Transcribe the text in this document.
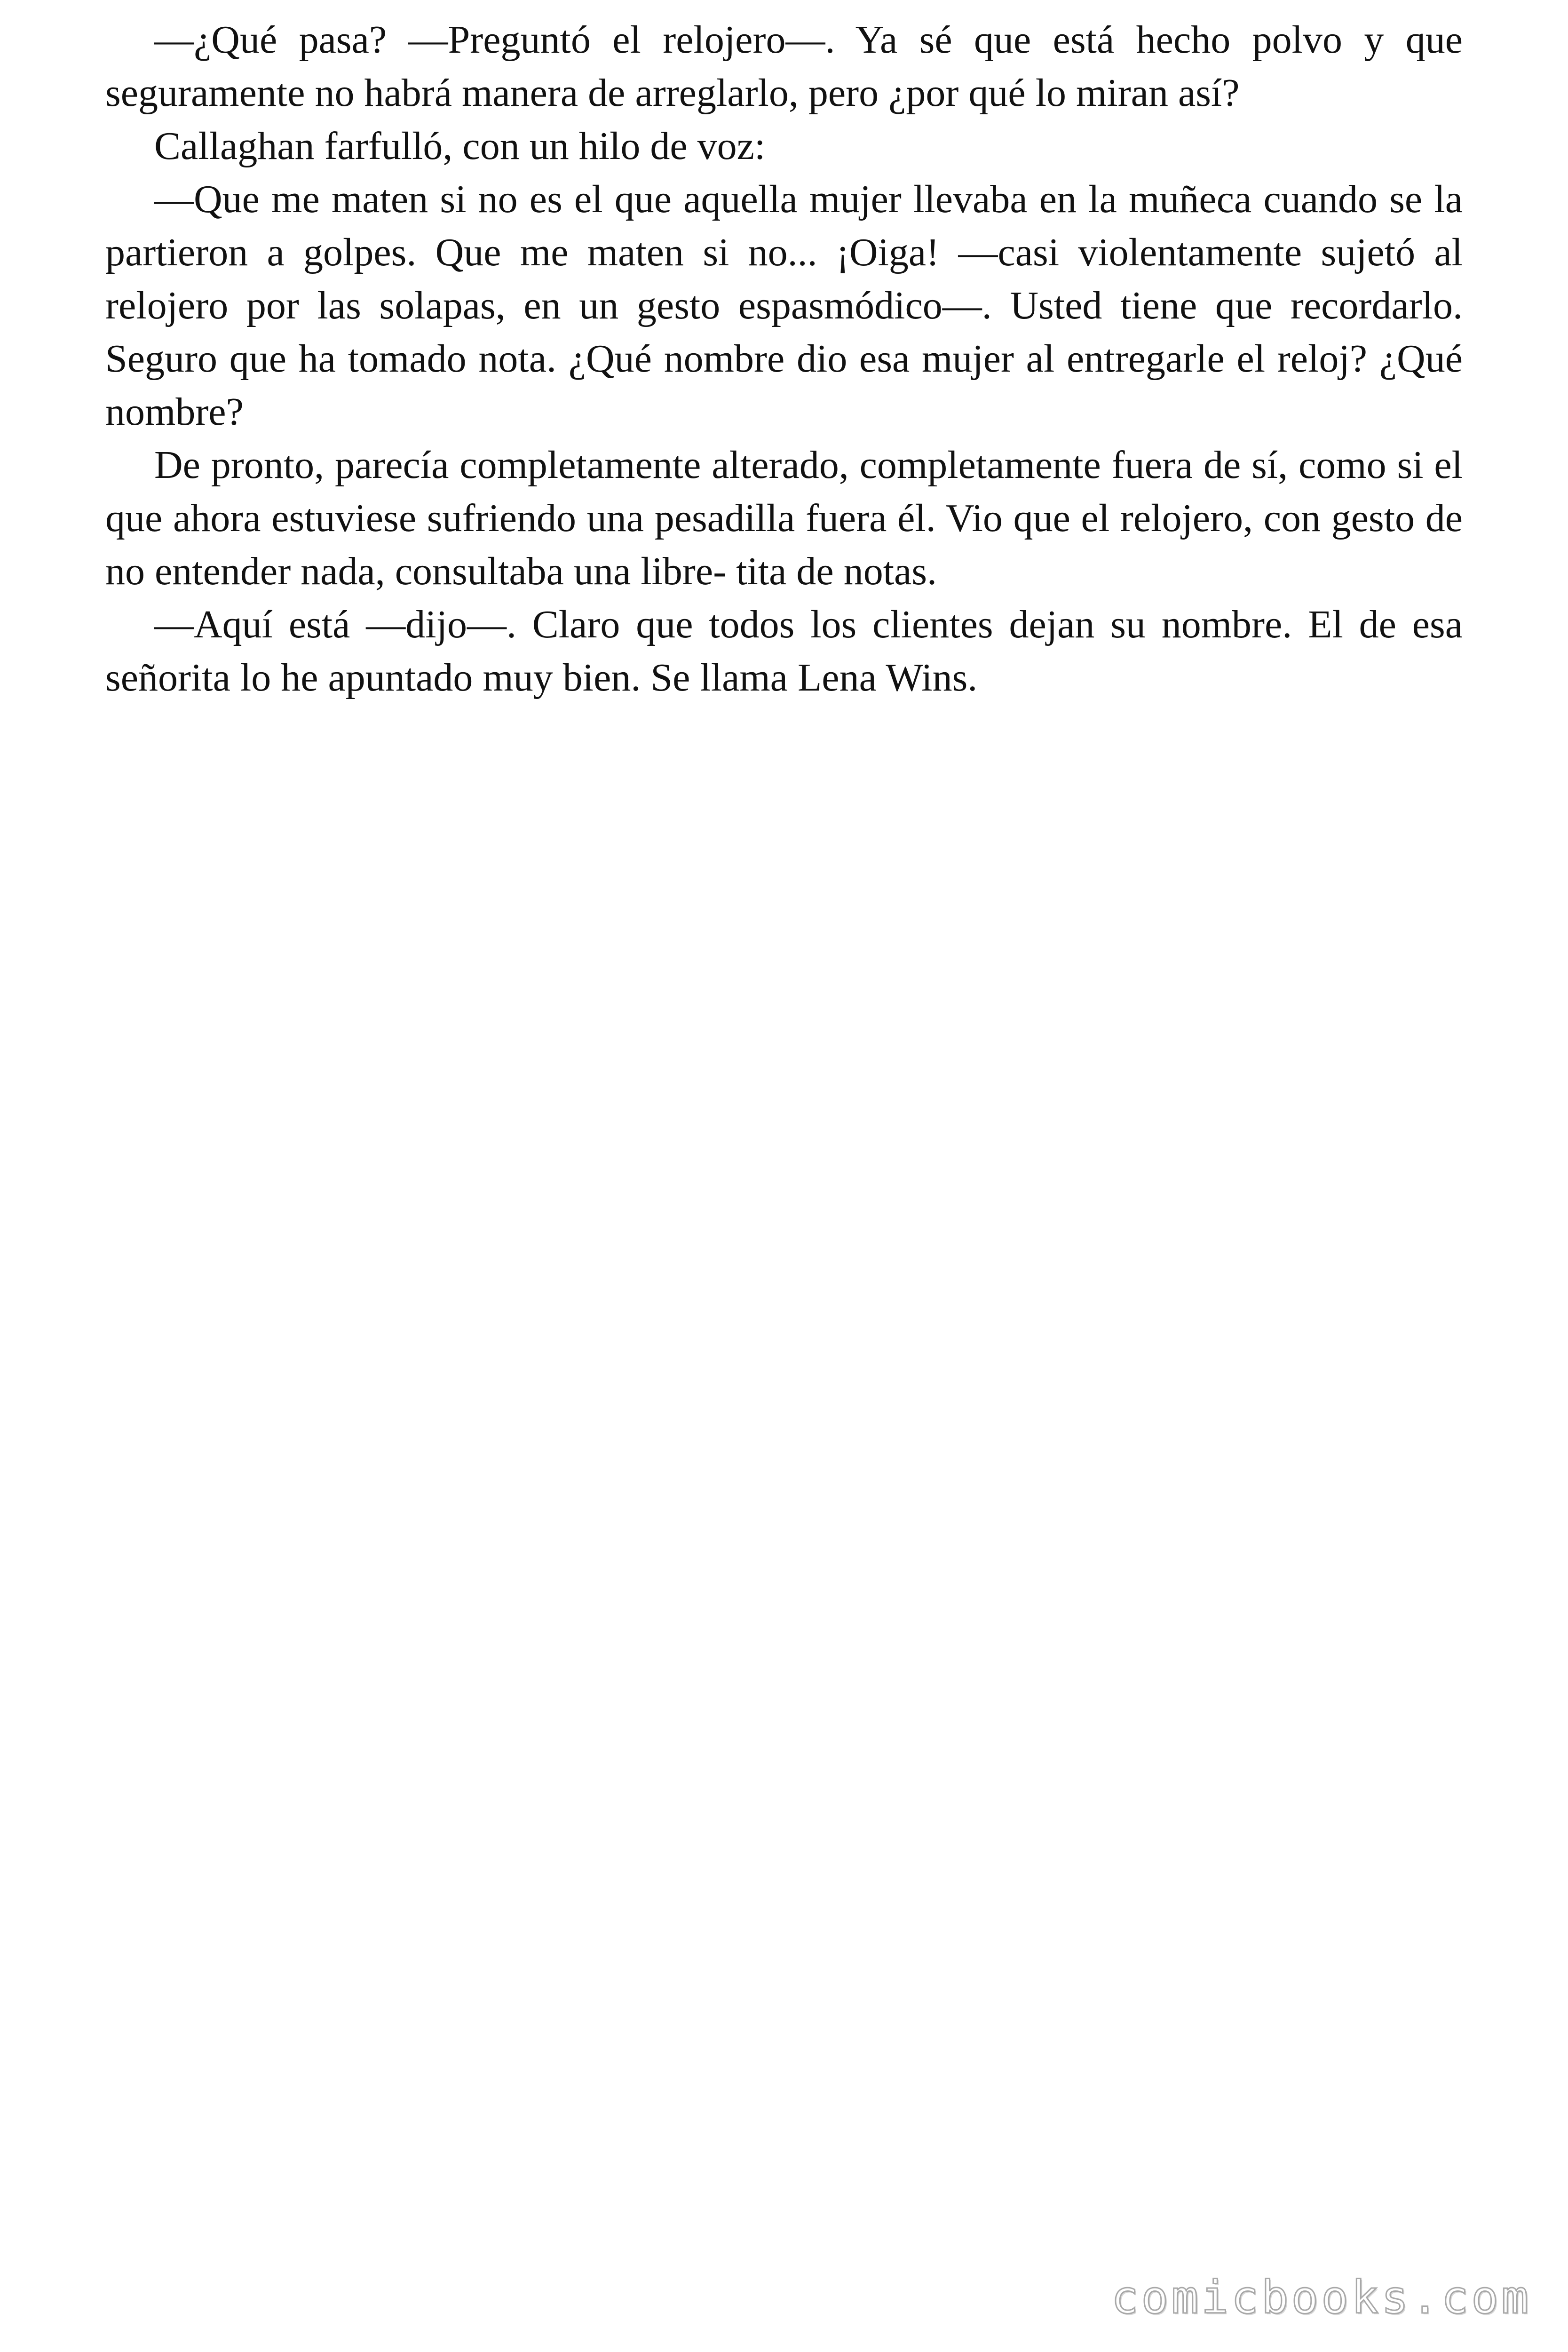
—¿Qué pasa? —Preguntó el relojero—. Ya sé que está hecho polvo y que seguramente no habrá manera de arreglarlo, pero ¿por qué lo miran así?

Callaghan farfulló, con un hilo de voz:

—Que me maten si no es el que aquella mujer llevaba en la muñeca cuando se la partieron a golpes. Que me maten si no... ¡Oiga! —casi violentamente sujetó al relojero por las solapas, en un gesto espasmódico—. Usted tiene que recordarlo. Seguro que ha tomado nota. ¿Qué nombre dio esa mujer al entregarle el reloj? ¿Qué nombre?

De pronto, parecía completamente alterado, completamente fuera de sí, como si el que ahora estuviese sufriendo una pesadilla fuera él. Vio que el relojero, con gesto de no entender nada, consultaba una libre- tita de notas.

—Aquí está —dijo—. Claro que todos los clientes dejan su nombre. El de esa señorita lo he apuntado muy bien. Se llama Lena Wins.

comicbooks.com
